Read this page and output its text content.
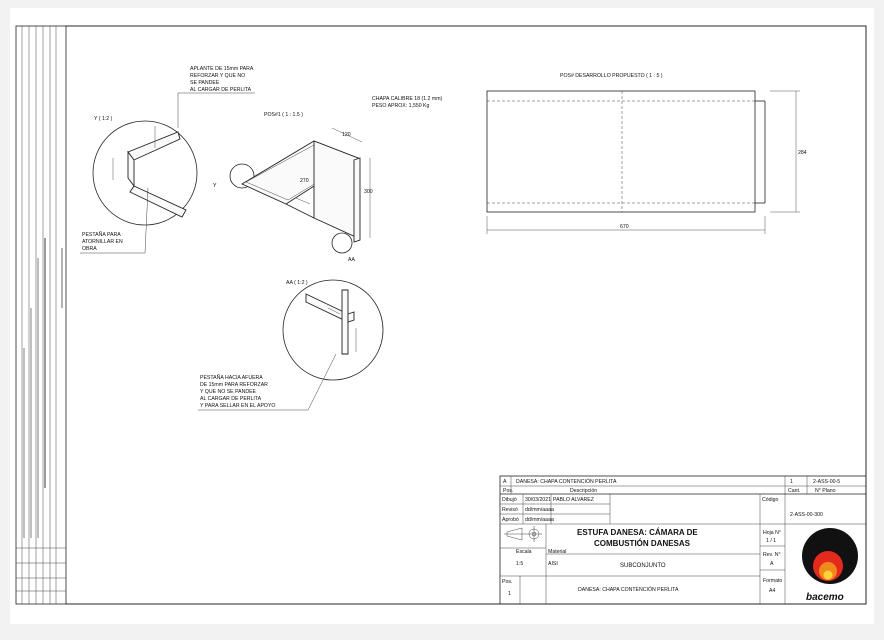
APLANTE DE 15mm PARA
REFORZAR Y QUE NO
SE PANDEE
AL CARGAR DE PERLITA
Y ( 1:2 )
PESTAÑA PARA
ATORNILLAR EN
OBRA
Y
POS#1 ( 1 : 1.5 )
270
120
300
AA
AA ( 1:2 )
PESTAÑA HACIA AFUERA
DE 15mm PARA REFORZAR
Y QUE NO SE PANDEE
AL CARGAR DE PERLITA
Y PARA SELLAR EN EL APOYO
CHAPA CALIBRE 18 (1.2 mm)
PESO APROX: 1,550 Kg
POS# DESARROLLO PROPUESTO ( 1 : 5 )
670
284
A DANESA: CHAPA CONTENCIÓN PERLITA	1	2-ASS-00-5
Pos.	Descripción	Cant.	N° Plano
Dibujó 30/03/2021 PABLO ALVAREZ
Revisó dd/mm/aaaa
Aprobó dd/mm/aaaa
Código
2-ASS-00-300
ESTUFA DANESA: CÁMARA DE
COMBUSTIÓN DANESAS
SUBCONJUNTO
Escala
1:5
Material
AISI
Pos.
1
DANESA: CHAPA CONTENCIÓN PERLITA
Hoja N°
1 / 1
Rev. N°
A
Formato
A4
bacemo
